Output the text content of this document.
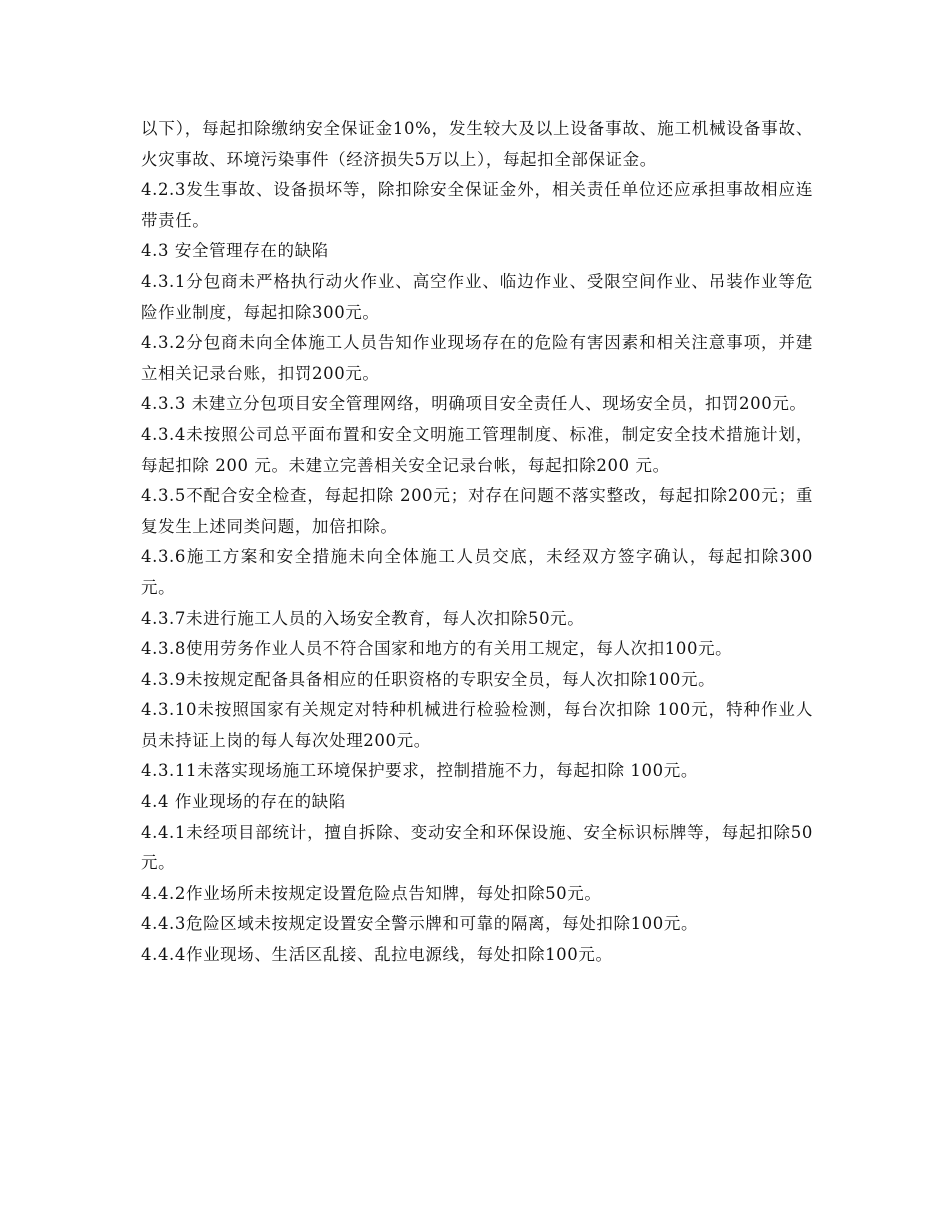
以下），每起扣除缴纳安全保证金10%，发生较大及以上设备事故、施工机械设备事故、火灾事故、环境污染事件（经济损失5万以上），每起扣全部保证金。

4.2.3发生事故、设备损坏等，除扣除安全保证金外，相关责任单位还应承担事故相应连带责任。

4.3 安全管理存在的缺陷

4.3.1分包商未严格执行动火作业、高空作业、临边作业、受限空间作业、吊装作业等危险作业制度，每起扣除300元。

4.3.2分包商未向全体施工人员告知作业现场存在的危险有害因素和相关注意事项，并建立相关记录台账，扣罚200元。

4.3.3 未建立分包项目安全管理网络，明确项目安全责任人、现场安全员，扣罚200元。

4.3.4未按照公司总平面布置和安全文明施工管理制度、标准，制定安全技术措施计划，每起扣除 200 元。未建立完善相关安全记录台帐，每起扣除200 元。

4.3.5不配合安全检查，每起扣除 200元；对存在问题不落实整改，每起扣除200元；重复发生上述同类问题，加倍扣除。

4.3.6施工方案和安全措施未向全体施工人员交底，未经双方签字确认，每起扣除300元。

4.3.7未进行施工人员的入场安全教育，每人次扣除50元。

4.3.8使用劳务作业人员不符合国家和地方的有关用工规定，每人次扣100元。

4.3.9未按规定配备具备相应的任职资格的专职安全员，每人次扣除100元。

4.3.10未按照国家有关规定对特种机械进行检验检测，每台次扣除 100元，特种作业人员未持证上岗的每人每次处理200元。

4.3.11未落实现场施工环境保护要求，控制措施不力，每起扣除 100元。

4.4 作业现场的存在的缺陷

4.4.1未经项目部统计，擅自拆除、变动安全和环保设施、安全标识标牌等，每起扣除50元。

4.4.2作业场所未按规定设置危险点告知牌，每处扣除50元。

4.4.3危险区域未按规定设置安全警示牌和可靠的隔离，每处扣除100元。

4.4.4作业现场、生活区乱接、乱拉电源线，每处扣除100元。
